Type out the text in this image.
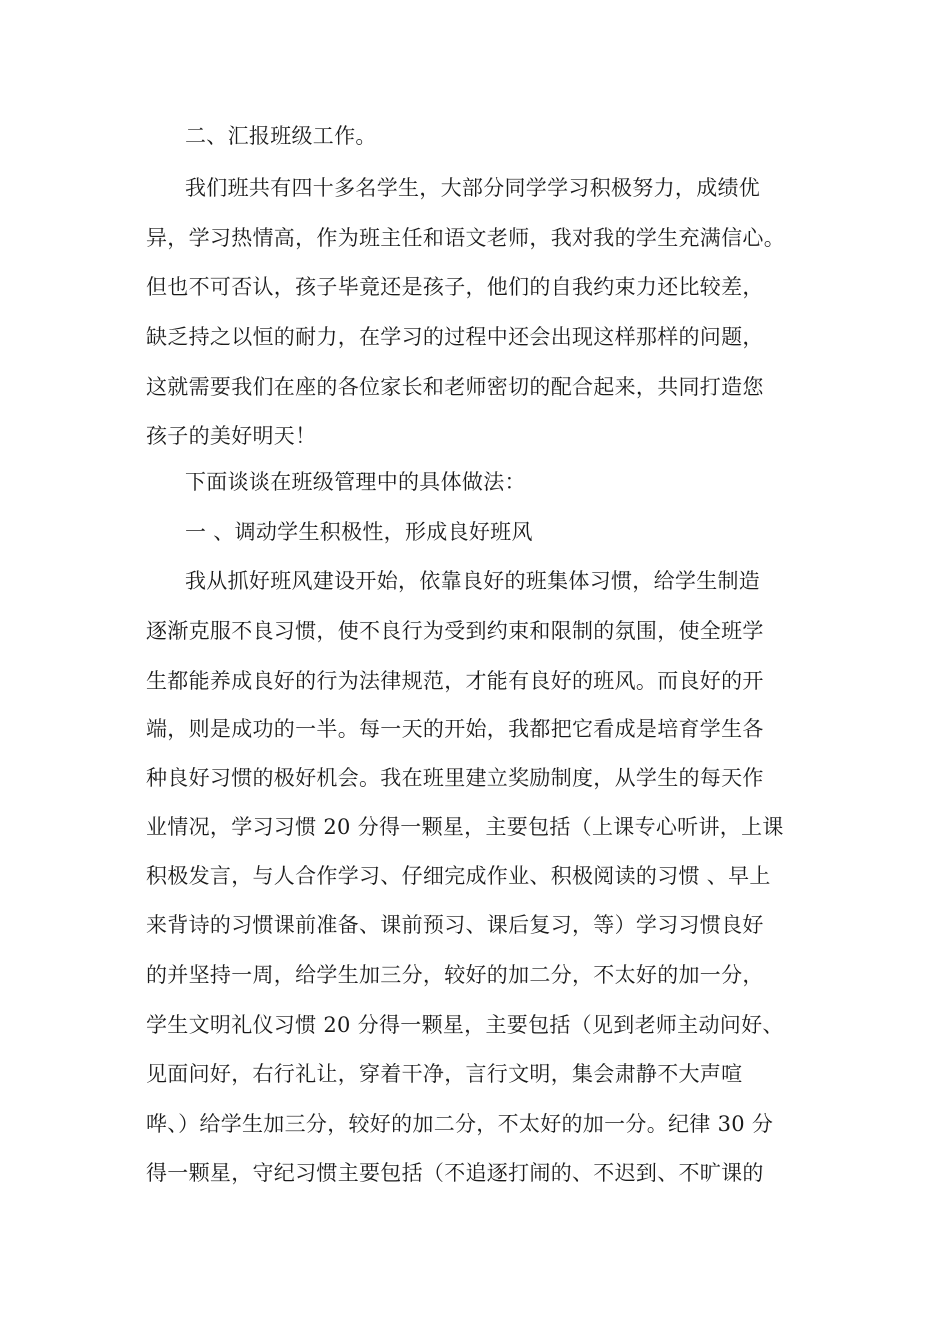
二、汇报班级工作。
我们班共有四十多名学生，大部分同学学习积极努力，成绩优
异，学习热情高，作为班主任和语文老师，我对我的学生充满信心。
但也不可否认，孩子毕竟还是孩子，他们的自我约束力还比较差，
缺乏持之以恒的耐力，在学习的过程中还会出现这样那样的问题，
这就需要我们在座的各位家长和老师密切的配合起来，共同打造您
孩子的美好明天！
下面谈谈在班级管理中的具体做法：
一 、调动学生积极性，形成良好班风
我从抓好班风建设开始，依靠良好的班集体习惯，给学生制造
逐渐克服不良习惯，使不良行为受到约束和限制的氛围，使全班学
生都能养成良好的行为法律规范，才能有良好的班风。而良好的开
端，则是成功的一半。每一天的开始，我都把它看成是培育学生各
种良好习惯的极好机会。我在班里建立奖励制度，从学生的每天作
业情况，学习习惯 20 分得一颗星，主要包括（上课专心听讲，上课
积极发言，与人合作学习、仔细完成作业、积极阅读的习惯 、早上
来背诗的习惯课前准备、课前预习、课后复习，等）学习习惯良好
的并坚持一周，给学生加三分，较好的加二分，不太好的加一分，
学生文明礼仪习惯 20 分得一颗星，主要包括（见到老师主动问好、
见面问好，右行礼让，穿着干净，言行文明，集会肃静不大声喧
哗、）给学生加三分，较好的加二分，不太好的加一分。纪律 30 分
得一颗星，守纪习惯主要包括（不追逐打闹的、不迟到、不旷课的
